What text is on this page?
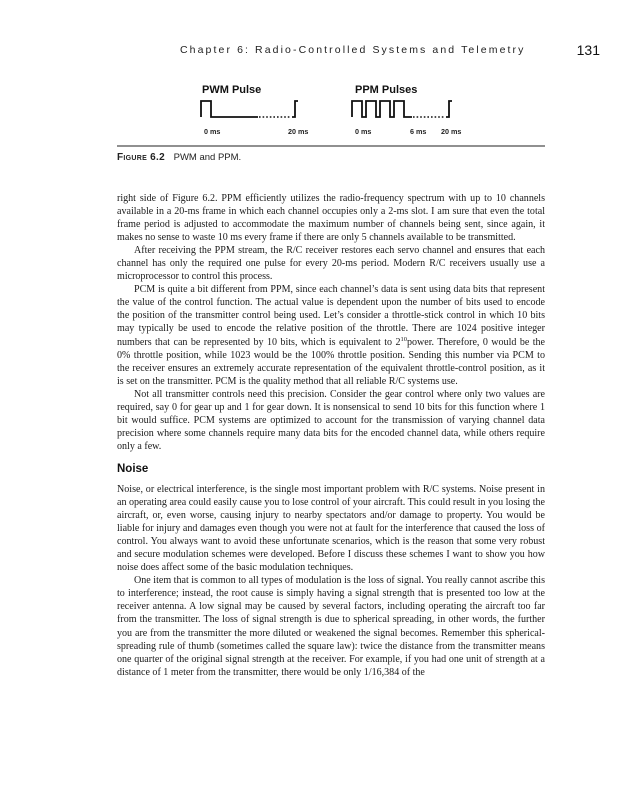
Chapter 6: Radio-Controlled Systems and Telemetry	131
PWM Pulse	PPM Pulses
0 ms	20 ms	0 ms	6 ms 20 ms
Figure 6.2 PWM and PPM.

right side of Figure 6.2. PPM efficiently utilizes the radio-frequency spectrum with up to 10 channels available in a 20-ms frame in which each channel occupies only a 2-ms slot. I am sure that even the total frame period is adjusted to accommodate the maximum number of channels being sent, since again, it makes no sense to waste 10 ms every frame if there are only 5 channels available to be transmitted.

After receiving the PPM stream, the R/C receiver restores each servo channel and ensures that each channel has only the required one pulse for every 20-ms period. Modern R/C receivers usually use a microprocessor to control this process.

PCM is quite a bit different from PPM, since each channel’s data is sent using data bits that represent the value of the control function. The actual value is dependent upon the number of bits used to encode the position of the transmitter control being used. Let’s consider a throttle-stick control in which 10 bits may typically be used to encode the relative position of the throttle. There are 1024 positive integer numbers that can be represented by 10 bits, which is equivalent to $2^{10}power$. Therefore, 0 would be the 0% throttle position, while 1023 would be the 100% throttle position. Sending this number via PCM to the receiver ensures an extremely accurate representation of the equivalent throttle-control position, as it is set on the transmitter. PCM is the quality method that all reliable R/C systems use.

Not all transmitter controls need this precision. Consider the gear control where only two values are required, say 0 for gear up and 1 for gear down. It is nonsensical to send 10 bits for this function where 1 bit would suffice. PCM systems are optimized to account for the transmission of varying channel data precision where some channels require many data bits for the encoded channel data, while others require only a few.

Noise

Noise, or electrical interference, is the single most important problem with R/C systems. Noise present in an operating area could easily cause you to lose control of your aircraft. This could result in you losing the aircraft, or, even worse, causing injury to nearby spectators and/or damage to property. You would be liable for injury and damages even though you were not at fault for the interference that caused the loss of control. You always want to avoid these unfortunate scenarios, which is the reason that some very robust and secure modulation schemes were developed. Before I discuss these schemes I want to show you how noise does affect some of the basic modulation techniques.

One item that is common to all types of modulation is the loss of signal. You really cannot ascribe this to interference; instead, the root cause is simply having a signal strength that is presented too low at the receiver antenna. A low signal may be caused by several factors, including operating the aircraft too far from the transmitter. The loss of signal strength is due to spherical spreading, in other words, the further you are from the transmitter the more diluted or weakened the signal becomes. Remember this spherical-spreading rule of thumb (sometimes called the square law): twice the distance from the transmitter means one quarter of the original signal strength at the receiver. For example, if you had one unit of strength at a distance of 1 meter from the transmitter, there would be only 1/16,384 of the
